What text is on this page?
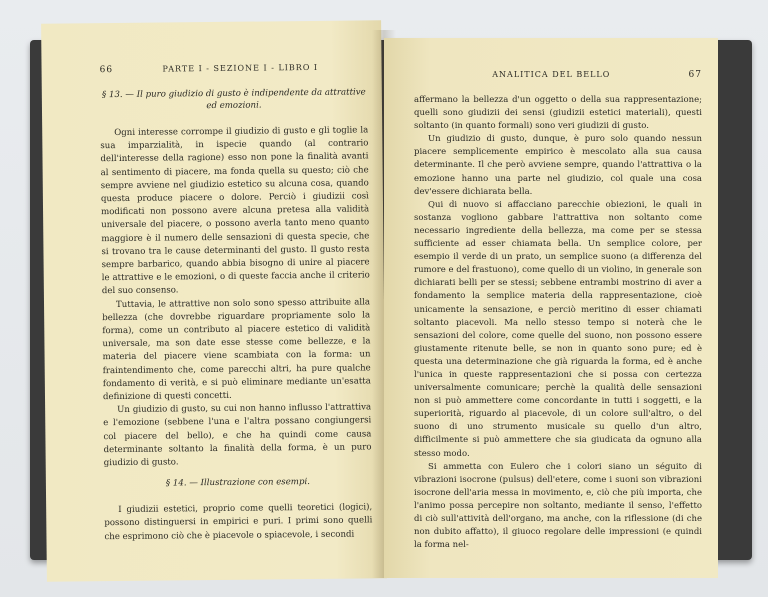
66	PARTE I - SEZIONE I - LIBRO I
§ 13. — Il puro giudizio di gusto è indipendente da attrattive ed emozioni.

Ogni interesse corrompe il giudizio di gusto e gli toglie la sua imparzialità, in ispecie quando (al contrario dell'interesse della ragione) esso non pone la finalità avanti al sentimento di piacere, ma fonda quella su questo; ciò che sempre avviene nel giudizio estetico su alcuna cosa, quando questa produce piacere o dolore. Perciò i giudizii così modificati non possono avere alcuna pretesa alla validità universale del piacere, o possono averla tanto meno quanto maggiore è il numero delle sensazioni di questa specie, che si trovano tra le cause determinanti del gusto. Il gusto resta sempre barbarico, quando abbia bisogno di unire al piacere le attrattive e le emozioni, o di queste faccia anche il criterio del suo consenso.

Tuttavia, le attrattive non solo sono spesso attribuite alla bellezza (che dovrebbe riguardare propriamente solo la forma), come un contributo al piacere estetico di validità universale, ma son date esse stesse come bellezze, e la materia del piacere viene scambiata con la forma: un fraintendimento che, come parecchi altri, ha pure qualche fondamento di verità, e si può eliminare mediante un'esatta definizione di questi concetti.

Un giudizio di gusto, su cui non hanno influsso l'attrattiva e l'emozione (sebbene l'una e l'altra possano congiungersi col piacere del bello), e che ha quindi come causa determinante soltanto la finalità della forma, è un puro giudizio di gusto.

§ 14. — Illustrazione con esempi.

I giudizii estetici, proprio come quelli teoretici (logici), possono distinguersi in empirici e puri. I primi sono quelli che esprimono ciò che è piacevole o spiacevole, i secondi

ANALITICA DEL BELLO	67

affermano la bellezza d'un oggetto o della sua rappresentazione; quelli sono giudizii dei sensi (giudizii estetici materiali), questi soltanto (in quanto formali) sono veri giudizii di gusto.

Un giudizio di gusto, dunque, è puro solo quando nessun piacere semplicemente empirico è mescolato alla sua causa determinante. Il che però avviene sempre, quando l'attrattiva o la emozione hanno una parte nel giudizio, col quale una cosa dev'essere dichiarata bella.

Qui di nuovo si affacciano parecchie obiezioni, le quali in sostanza vogliono gabbare l'attrattiva non soltanto come necessario ingrediente della bellezza, ma come per se stessa sufficiente ad esser chiamata bella. Un semplice colore, per esempio il verde di un prato, un semplice suono (a differenza del rumore e del frastuono), come quello di un violino, in generale son dichiarati belli per se stessi; sebbene entrambi mostrino di aver a fondamento la semplice materia della rappresentazione, cioè unicamente la sensazione, e perciò meritino di esser chiamati soltanto piacevoli. Ma nello stesso tempo si noterà che le sensazioni del colore, come quelle del suono, non possono essere giustamente ritenute belle, se non in quanto sono pure; ed è questa una determinazione che già riguarda la forma, ed è anche l'unica in queste rappresentazioni che si possa con certezza universalmente comunicare; perchè la qualità delle sensazioni non si può ammettere come concordante in tutti i soggetti, e la superiorità, riguardo al piacevole, di un colore sull'altro, o del suono di uno strumento musicale su quello d'un altro, difficilmente si può ammettere che sia giudicata da ognuno alla stesso modo.

Si ammetta con Eulero che i colori siano un séguito di vibrazioni isocrone (pulsus) dell'etere, come i suoni son vibrazioni isocrone dell'aria messa in movimento, e, ciò che più importa, che l'animo possa percepire non soltanto, mediante il senso, l'effetto di ciò sull'attività dell'organo, ma anche, con la riflessione (di che non dubito affatto), il giuoco regolare delle impressioni (e quindi la forma nel-
